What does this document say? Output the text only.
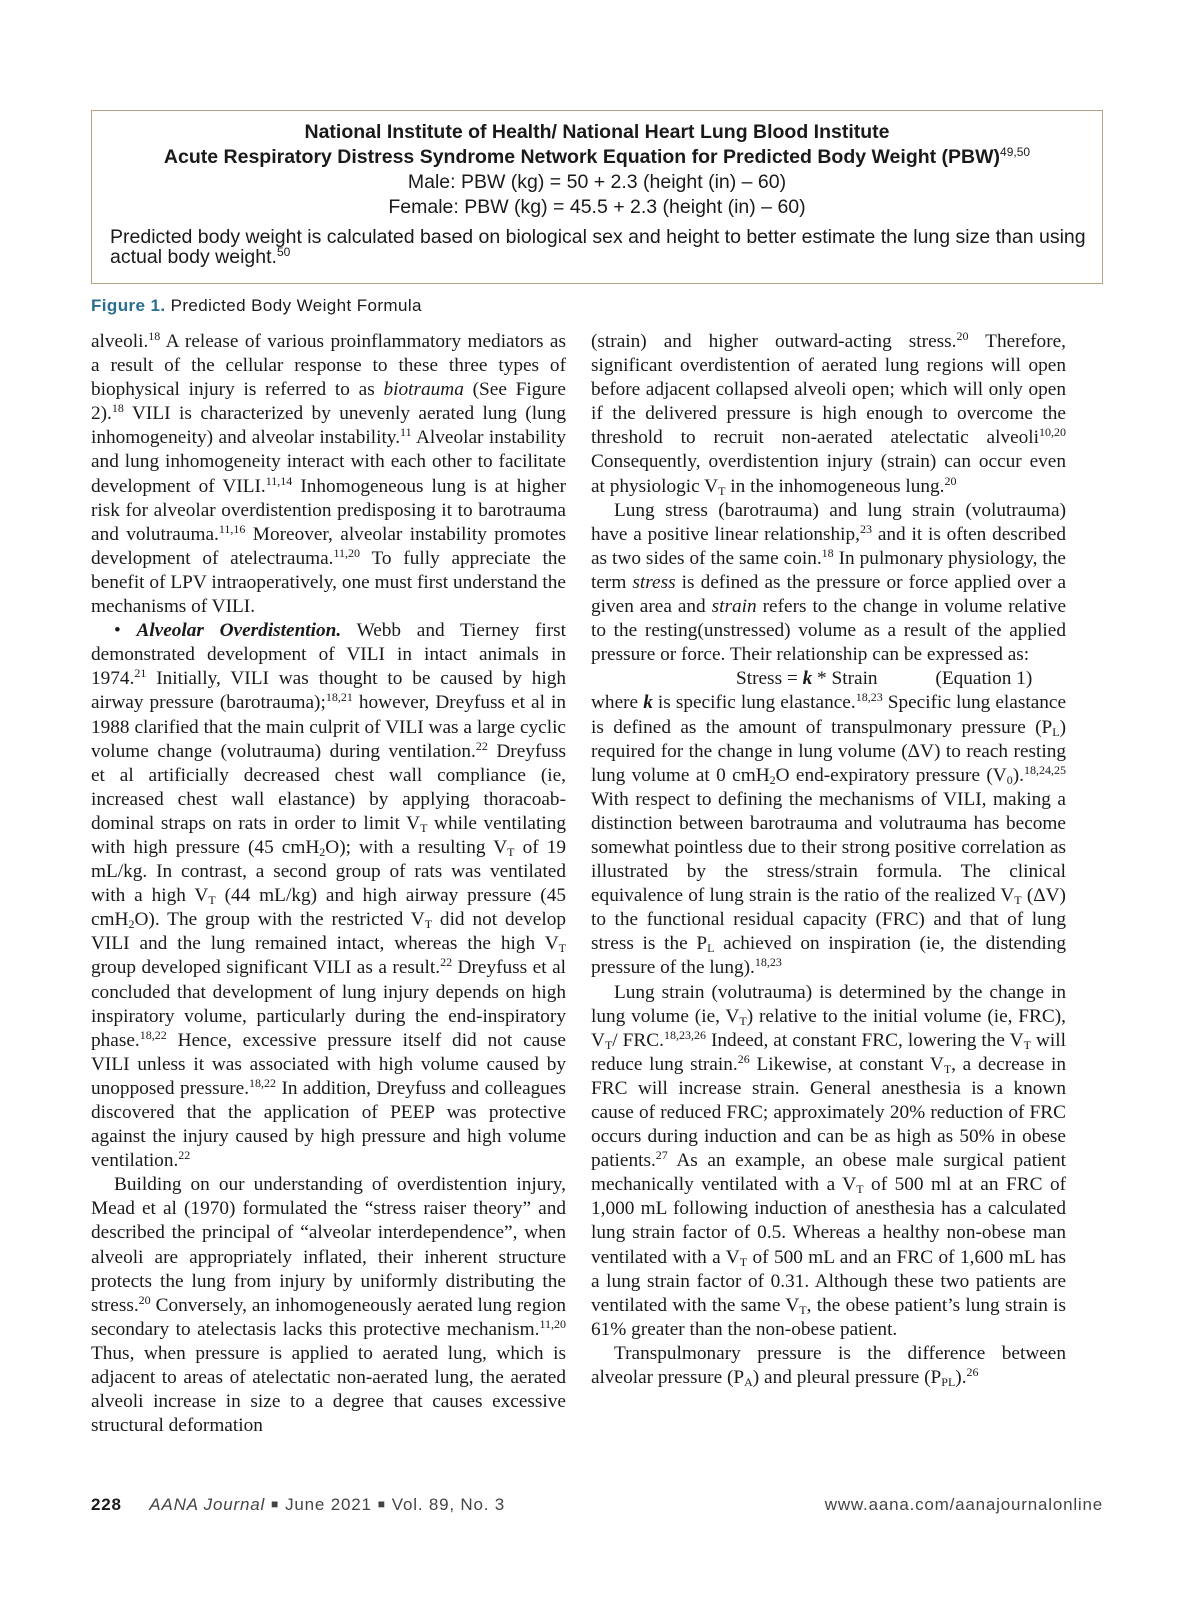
National Institute of Health/ National Heart Lung Blood Institute
Acute Respiratory Distress Syndrome Network Equation for Predicted Body Weight (PBW)$^{49,50}$
Male: PBW (kg) = 50 + 2.3 (height (in) – 60)
Female: PBW (kg) = 45.5 + 2.3 (height (in) – 60)
Predicted body weight is calculated based on biological sex and height to better estimate the lung size than using actual body weight.$^{50}$
Figure 1. Predicted Body Weight Formula

alveoli.$^{18}$ A release of various proinflammatory mediators as a result of the cellular response to these three types of biophysical injury is referred to as biotrauma (See Figure 2).$^{18}$ VILI is characterized by unevenly aerated lung (lung inhomogeneity) and alveolar instability.$^{11}$ Alveolar instability and lung inhomogeneity interact with each other to facilitate development of VILI.$^{11,14}$ Inhomogeneous lung is at higher risk for alveolar overdistention predisposing it to barotrauma and volutrauma.$^{11,16}$ Moreover, alveolar instability promotes development of atelectrauma.$^{11,20}$ To fully appreciate the benefit of LPV intraoperatively, one must first understand the mechanisms of VILI.

• Alveolar Overdistention. Webb and Tierney first demonstrated development of VILI in intact animals in 1974.21 Initially, VILI was thought to be caused by high airway pressure (barotrauma);$^{18,21}$ however, Dreyfuss et al in 1988 clarified that the main culprit of VILI was a large cyclic volume change (volutrauma) during ventilation.$^{22}$ Dreyfuss et al artificially decreased chest wall compliance (ie, increased chest wall elastance) by applying thoracoabdominal straps on rats in order to limit $V_T$ while ventilating with high pressure (45 cmH$_2$O); with a resulting $V_T$ of 19 mL/kg. In contrast, a second group of rats was ventilated with a high $V_T$ (44 mL/kg) and high airway pressure (45 cmH$_2$O). The group with the restricted $V_T$ did not develop VILI and the lung remained intact, whereas the high $V_T$ group developed significant VILI as a result.$^{22}$ Dreyfuss et al concluded that development of lung injury depends on high inspiratory volume, particularly during the end-inspiratory phase.$^{18,22}$ Hence, excessive pressure itself did not cause VILI unless it was associated with high volume caused by unopposed pressure.$^{18,22}$ In addition, Dreyfuss and colleagues discovered that the application of PEEP was protective against the injury caused by high pressure and high volume ventilation.$^{22}$

Building on our understanding of overdistention injury, Mead et al (1970) formulated the “stress raiser theory” and described the principal of “alveolar interdependence”, when alveoli are appropriately inflated, their inherent structure protects the lung from injury by uniformly distributing the stress.$^{20}$ Conversely, an inhomogeneously aerated lung region secondary to atelectasis lacks this protective mechanism.$^{11,20}$ Thus, when pressure is applied to aerated lung, which is adjacent to areas of atelectatic non-aerated lung, the aerated alveoli increase in size to a degree that causes excessive structural deformation

(strain) and higher outward-acting stress.$^{20}$ Therefore, significant overdistention of aerated lung regions will open before adjacent collapsed alveoli open; which will only open if the delivered pressure is high enough to overcome the threshold to recruit non-aerated atelectatic alveoli$^{10,20}$ Consequently, overdistention injury (strain) can occur even at physiologic $V_T$ in the inhomogeneous lung.$^{20}$

Lung stress (barotrauma) and lung strain (volutrauma) have a positive linear relationship,$^{23}$ and it is often described as two sides of the same coin.$^{18}$ In pulmonary physiology, the term stress is defined as the pressure or force applied over a given area and strain refers to the change in volume relative to the resting(unstressed) volume as a result of the applied pressure or force. Their relationship can be expressed as:

Stress = k * Strain            (Equation 1)

where k is specific lung elastance.$^{18,23}$ Specific lung elastance is defined as the amount of transpulmonary pressure $(P_L)$ required for the change in lung volume (ΔV) to reach resting lung volume at 0 cmH$_2$O end-expiratory pressure $(V_0).^{18,24,25}$ With respect to defining the mechanisms of VILI, making a distinction between barotrauma and volutrauma has become somewhat pointless due to their strong positive correlation as illustrated by the stress/strain formula. The clinical equivalence of lung strain is the ratio of the realized $V_T$ (ΔV) to the functional residual capacity (FRC) and that of lung stress is the $P_L$ achieved on inspiration (ie, the distending pressure of the lung).$^{18,23}$

Lung strain (volutrauma) is determined by the change in lung volume (ie, $V_T$) relative to the initial volume (ie, FRC), $V_T/$ FRC.$^{18,23,26}$ Indeed, at constant FRC, lowering the $V_T$ will reduce lung strain.$^{26}$ Likewise, at constant $V_T$, a decrease in FRC will increase strain. General anesthesia is a known cause of reduced FRC; approximately 20% reduction of FRC occurs during induction and can be as high as 50% in obese patients.$^{27}$ As an example, an obese male surgical patient mechanically ventilated with a $V_T$ of 500 ml at an FRC of 1,000 mL following induction of anesthesia has a calculated lung strain factor of 0.5. Whereas a healthy non-obese man ventilated with a $V_T$ of 500 mL and an FRC of 1,600 mL has a lung strain factor of 0.31. Although these two patients are ventilated with the same $V_T$, the obese patient’s lung strain is 61% greater than the non-obese patient.

Transpulmonary pressure is the difference between alveolar pressure $(P_A)$ and pleural pressure $(P_{PL}).^{26}$

228 AANA Journal ■ June 2021 ■ Vol. 89, No. 3	www.aana.com/aanajournalonline
